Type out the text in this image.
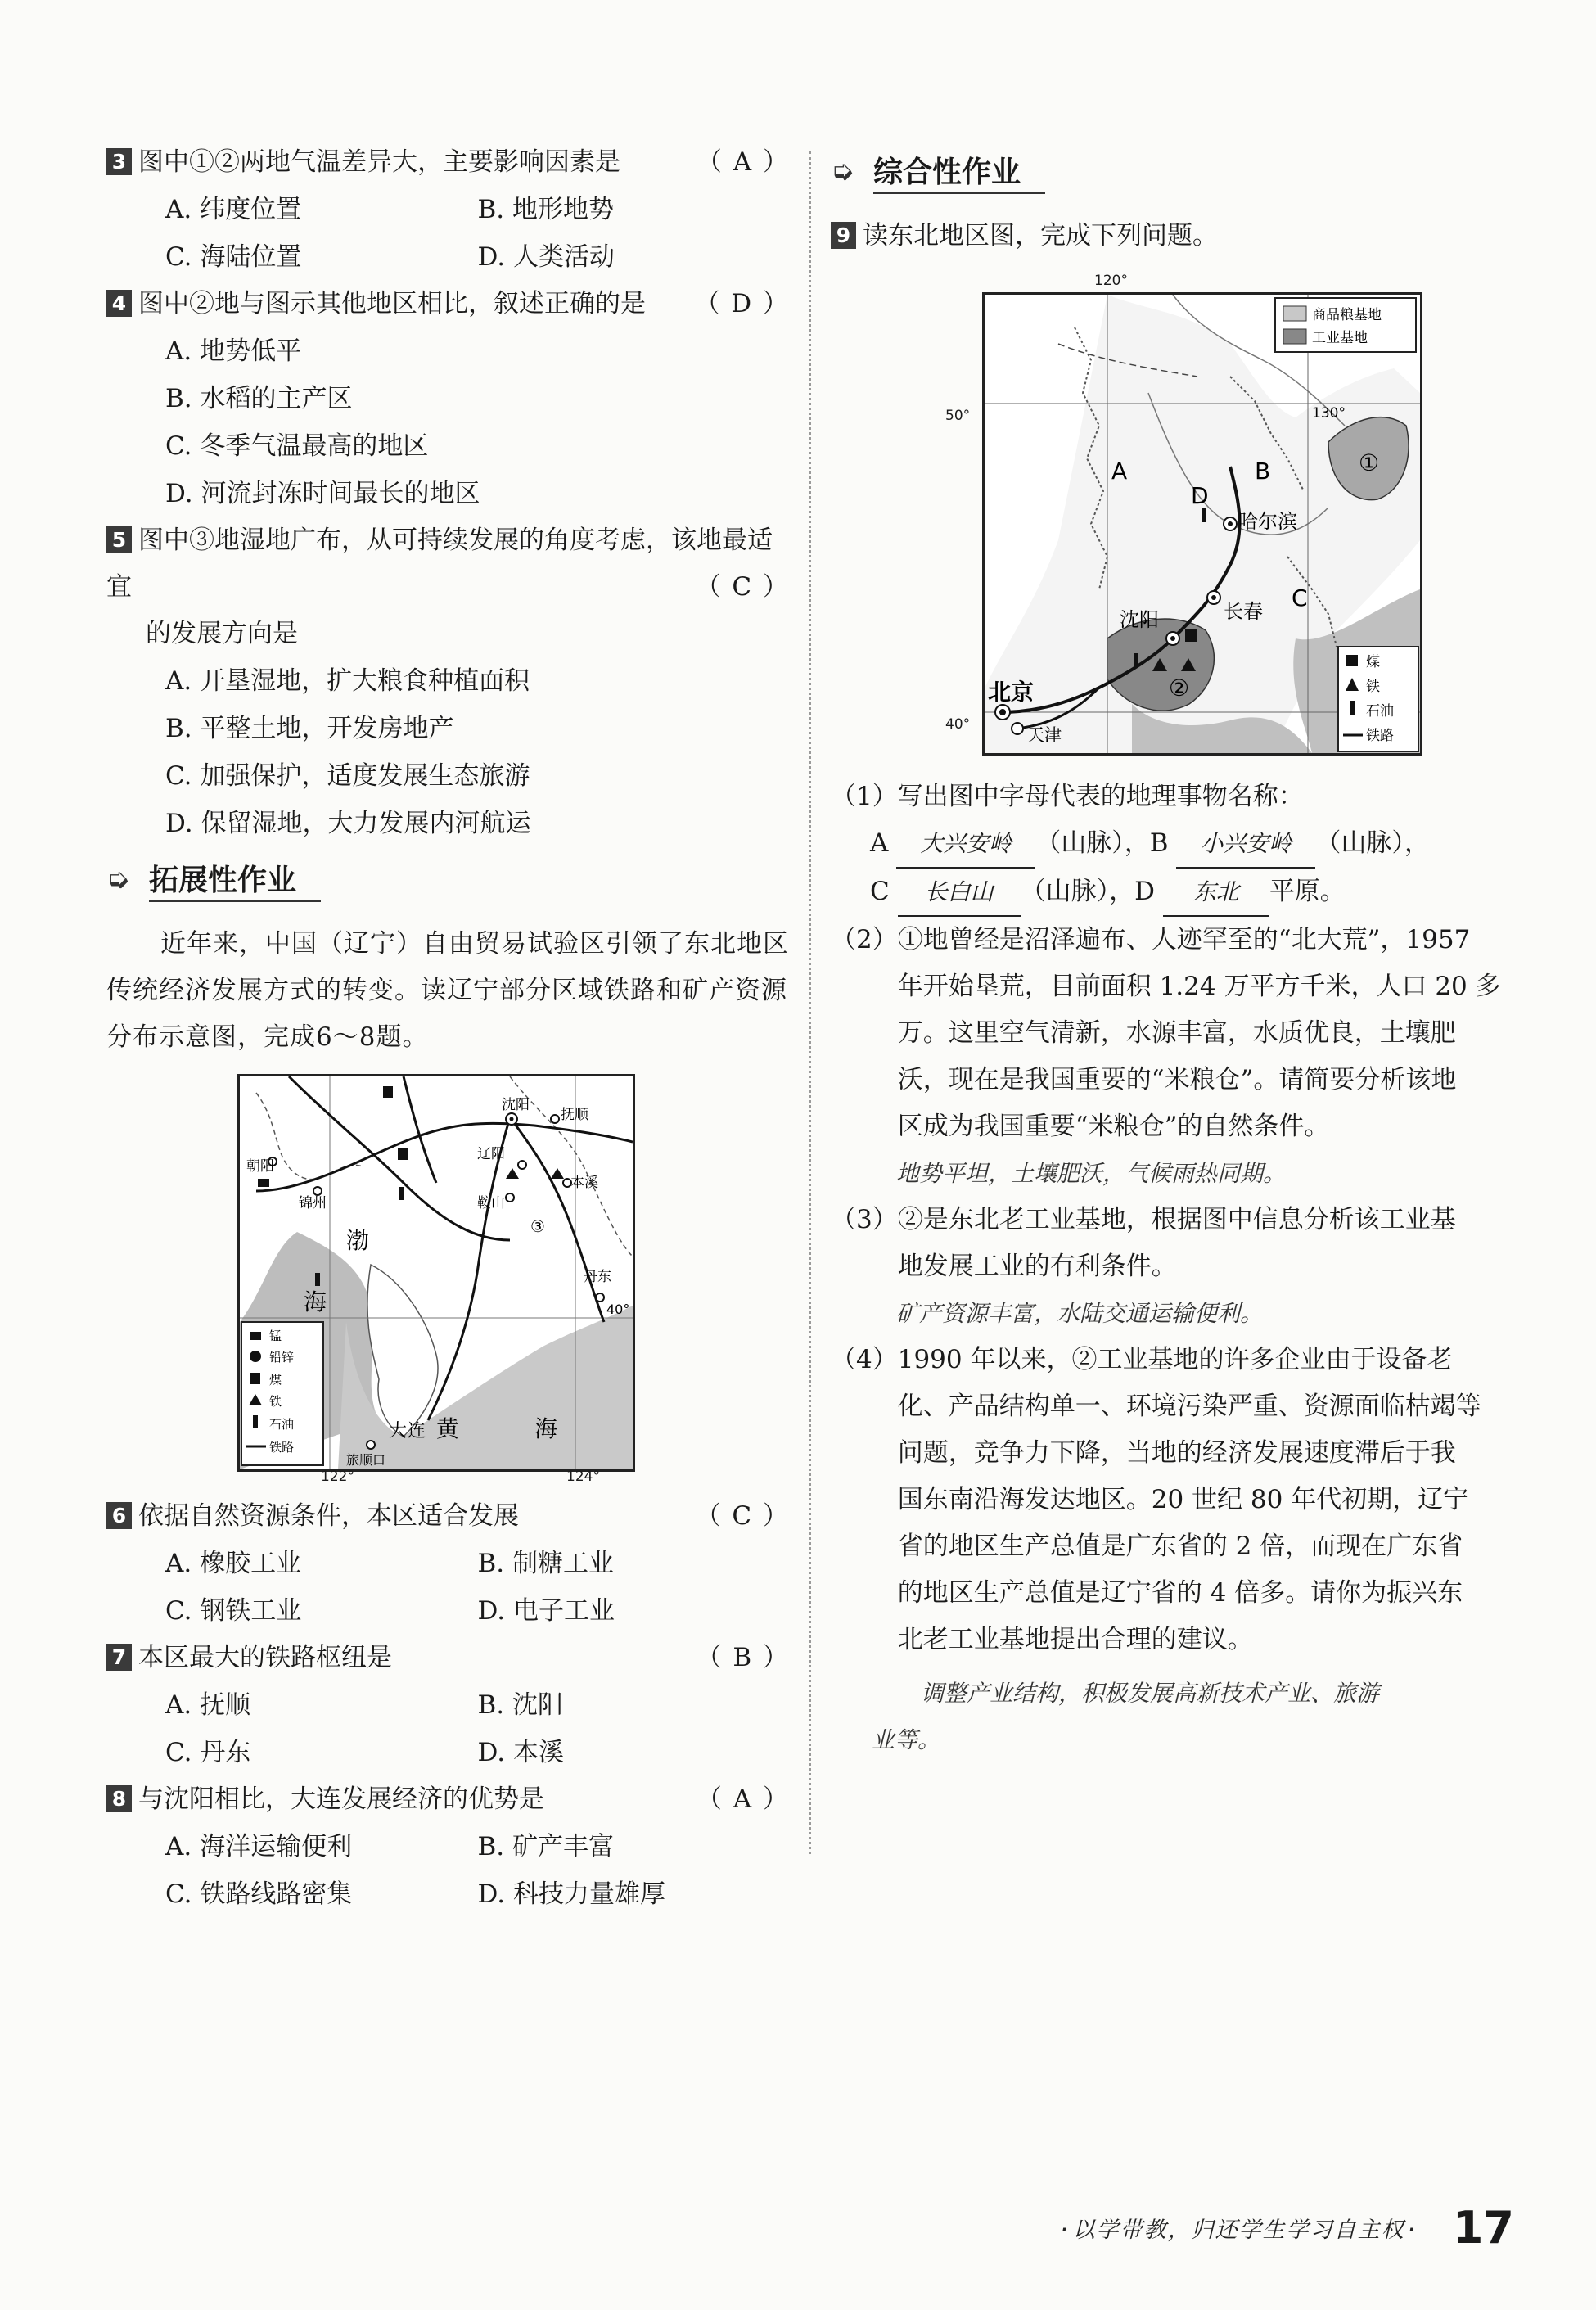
3 图中①②两地气温差异大，主要影响因素是	（ A ）
A. 纬度位置	B. 地形地势
C. 海陆位置	D. 人类活动
4 图中②地与图示其他地区相比，叙述正确的是 （ D ）
A. 地势低平
B. 水稻的主产区
C. 冬季气温最高的地区
D. 河流封冻时间最长的地区
5 图中③地湿地广布，从可持续发展的角度考虑，该地最适宜
的发展方向是
（ C ）
A. 开垦湿地，扩大粮食种植面积
B. 平整土地，开发房地产
C. 加强保护，适度发展生态旅游
D. 保留湿地，大力发展内河航运
➭ 拓展性作业
近年来，中国（辽宁）自由贸易试验区引领了东北地区传统经济发展方式的转变。读辽宁部分区域铁路和矿产资源分布示意图，完成6～8题。
沈阳
抚顺
辽阳
本溪
鞍山
朝阳
锦州
丹东
旅顺口
渤
海
黄	海
③
大 连
40°
锰
铅锌
煤
铁
石油
铁路
122°	124°
6 依据自然资源条件，本区适合发展	（ C ）
A. 橡胶工业	B. 制糖工业
C. 钢铁工业	D. 电子工业
7 本区最大的铁路枢纽是	（ B ）
A. 抚顺	B. 沈阳
C. 丹东	D. 本溪
8 与沈阳相比，大连发展经济的优势是	（ A ）
A. 海洋运输便利	B. 矿产丰富
C. 铁路线路密集	D. 科技力量雄厚
➭ 综合性作业
9 读东北地区图，完成下列问题。
哈尔滨
长春
沈阳
北京
天津
A	B
C
D
①
②
130°
商品粮基地
工业基地
煤
铁
石油
铁路
120°
50°
40°
（1）写出图中字母代表的地理事物名称：
A 大兴安岭 （山脉），B 小兴安岭 （山脉），
C 长白山 （山脉），D 东北 平原。
（2） ①地曾经是沼泽遍布、人迹罕至的“北大荒”，1957
年开始垦荒，目前面积 1.24 万平方千米，人口 20 多
万。这里空气清新，水源丰富，水质优良，土壤肥
沃，现在是我国重要的“米粮仓”。请简要分析该地
区成为我国重要“米粮仓”的自然条件。
地势平坦，土壤肥沃，气候雨热同期。
（3） ②是东北老工业基地，根据图中信息分析该工业基
地发展工业的有利条件。
矿产资源丰富，水陆交通运输便利。
（4） 1990 年以来，②工业基地的许多企业由于设备老
化、产品结构单一、环境污染严重、资源面临枯竭等
问题，竞争力下降，当地的经济发展速度滞后于我
国东南沿海发达地区。20 世纪 80 年代初期，辽宁
省的地区生产总值是广东省的 2 倍，而现在广东省
的地区生产总值是辽宁省的 4 倍多。请你为振兴东
北老工业基地提出合理的建议。
调整产业结构，积极发展高新技术产业、旅游
业等。
·以学带教，归还学生学习自主权· 17
